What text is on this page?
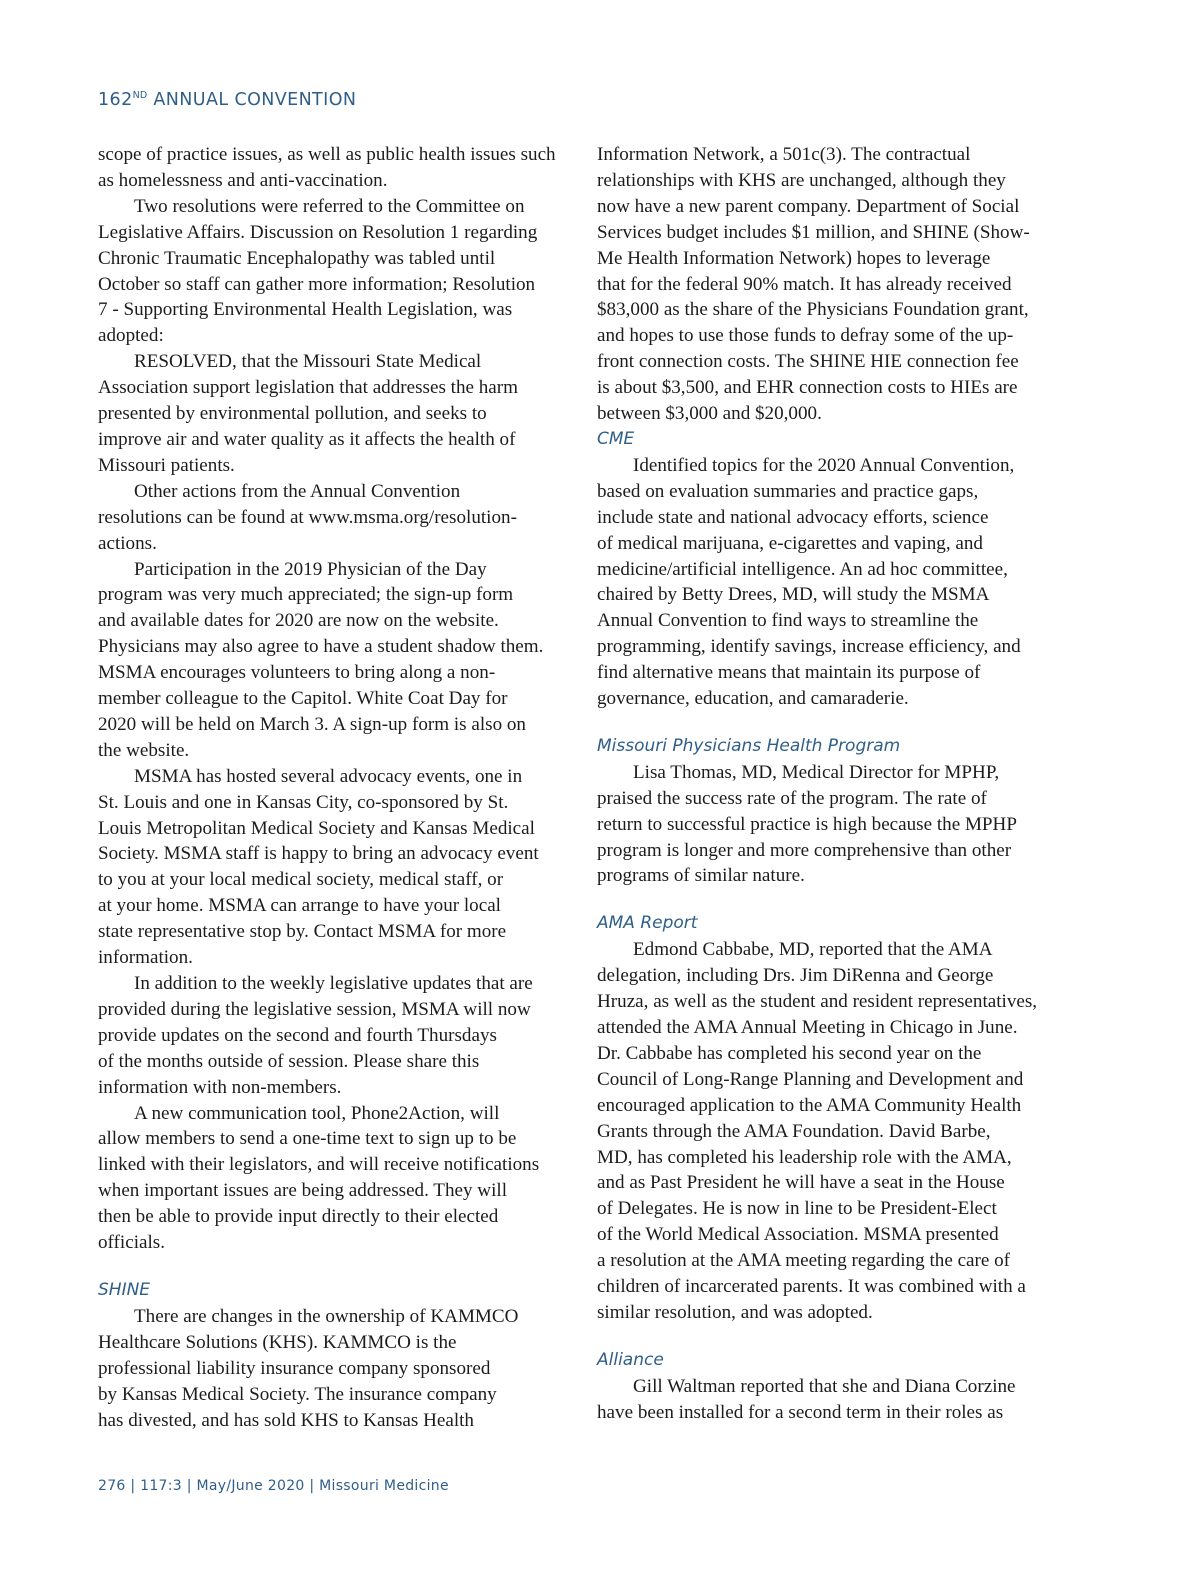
162ND ANNUAL CONVENTION

scope of practice issues, as well as public health issues such
as homelessness and anti-vaccination.

Two resolutions were referred to the Committee on
Legislative Affairs. Discussion on Resolution 1 regarding
Chronic Traumatic Encephalopathy was tabled until
October so staff can gather more information; Resolution
7 - Supporting Environmental Health Legislation, was
adopted:

RESOLVED, that the Missouri State Medical
Association support legislation that addresses the harm
presented by environmental pollution, and seeks to
improve air and water quality as it affects the health of
Missouri patients.

Other actions from the Annual Convention
resolutions can be found at www.msma.org/resolution-
actions.

Participation in the 2019 Physician of the Day
program was very much appreciated; the sign-up form
and available dates for 2020 are now on the website.
Physicians may also agree to have a student shadow them.
MSMA encourages volunteers to bring along a non-
member colleague to the Capitol. White Coat Day for
2020 will be held on March 3. A sign-up form is also on
the website.

MSMA has hosted several advocacy events, one in
St. Louis and one in Kansas City, co-sponsored by St.
Louis Metropolitan Medical Society and Kansas Medical
Society. MSMA staff is happy to bring an advocacy event
to you at your local medical society, medical staff, or
at your home. MSMA can arrange to have your local
state representative stop by. Contact MSMA for more
information.

In addition to the weekly legislative updates that are
provided during the legislative session, MSMA will now
provide updates on the second and fourth Thursdays
of the months outside of session. Please share this
information with non-members.

A new communication tool, Phone2Action, will
allow members to send a one-time text to sign up to be
linked with their legislators, and will receive notifications
when important issues are being addressed. They will
then be able to provide input directly to their elected
officials.

SHINE

There are changes in the ownership of KAMMCO
Healthcare Solutions (KHS). KAMMCO is the
professional liability insurance company sponsored
by Kansas Medical Society. The insurance company
has divested, and has sold KHS to Kansas Health

Information Network, a 501c(3). The contractual
relationships with KHS are unchanged, although they
now have a new parent company. Department of Social
Services budget includes $1 million, and SHINE (Show-
Me Health Information Network) hopes to leverage
that for the federal 90% match. It has already received
$83,000 as the share of the Physicians Foundation grant,
and hopes to use those funds to defray some of the up-
front connection costs. The SHINE HIE connection fee
is about $3,500, and EHR connection costs to HIEs are
between $3,000 and $20,000.

CME

Identified topics for the 2020 Annual Convention,
based on evaluation summaries and practice gaps,
include state and national advocacy efforts, science
of medical marijuana, e-cigarettes and vaping, and
medicine/artificial intelligence. An ad hoc committee,
chaired by Betty Drees, MD, will study the MSMA
Annual Convention to find ways to streamline the
programming, identify savings, increase efficiency, and
find alternative means that maintain its purpose of
governance, education, and camaraderie.

Missouri Physicians Health Program

Lisa Thomas, MD, Medical Director for MPHP,
praised the success rate of the program. The rate of
return to successful practice is high because the MPHP
program is longer and more comprehensive than other
programs of similar nature.

AMA Report

Edmond Cabbabe, MD, reported that the AMA
delegation, including Drs. Jim DiRenna and George
Hruza, as well as the student and resident representatives,
attended the AMA Annual Meeting in Chicago in June.
Dr. Cabbabe has completed his second year on the
Council of Long-Range Planning and Development and
encouraged application to the AMA Community Health
Grants through the AMA Foundation. David Barbe,
MD, has completed his leadership role with the AMA,
and as Past President he will have a seat in the House
of Delegates. He is now in line to be President-Elect
of the World Medical Association. MSMA presented
a resolution at the AMA meeting regarding the care of
children of incarcerated parents. It was combined with a
similar resolution, and was adopted.

Alliance

Gill Waltman reported that she and Diana Corzine
have been installed for a second term in their roles as

276 | 117:3 | May/June 2020 | Missouri Medicine
